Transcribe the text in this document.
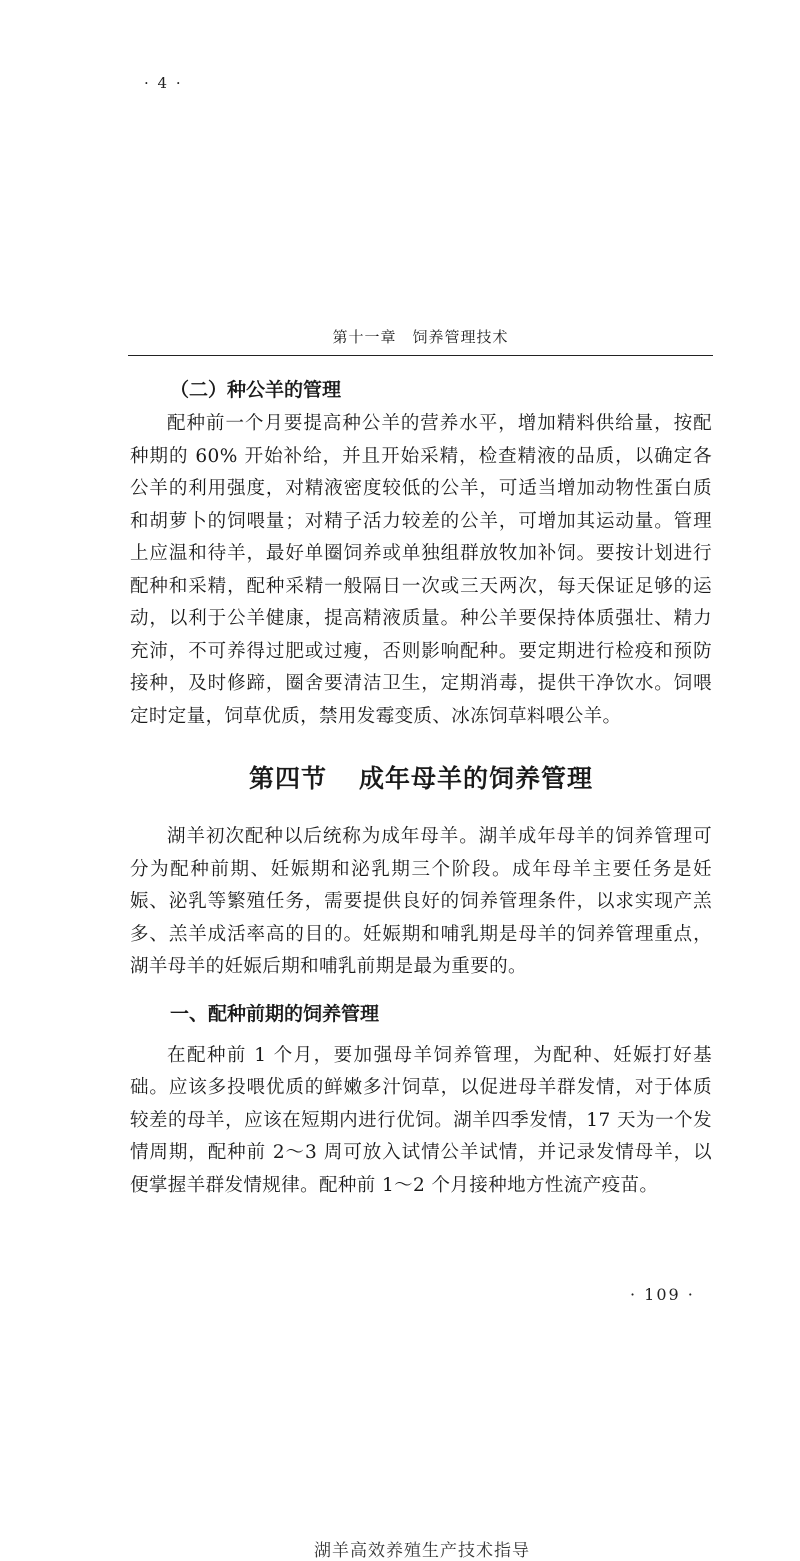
· 4 ·
第十一章　饲养管理技术

（二）种公羊的管理

配种前一个月要提高种公羊的营养水平，增加精料供给量，按配种期的 60% 开始补给，并且开始采精，检查精液的品质，以确定各公羊的利用强度，对精液密度较低的公羊，可适当增加动物性蛋白质和胡萝卜的饲喂量；对精子活力较差的公羊，可增加其运动量。管理上应温和待羊，最好单圈饲养或单独组群放牧加补饲。要按计划进行配种和采精，配种采精一般隔日一次或三天两次，每天保证足够的运动，以利于公羊健康，提高精液质量。种公羊要保持体质强壮、精力充沛，不可养得过肥或过瘦，否则影响配种。要定期进行检疫和预防接种，及时修蹄，圈舍要清洁卫生，定期消毒，提供干净饮水。饲喂定时定量，饲草优质，禁用发霉变质、冰冻饲草料喂公羊。

第四节 成年母羊的饲养管理

湖羊初次配种以后统称为成年母羊。湖羊成年母羊的饲养管理可分为配种前期、妊娠期和泌乳期三个阶段。成年母羊主要任务是妊娠、泌乳等繁殖任务，需要提供良好的饲养管理条件，以求实现产羔多、羔羊成活率高的目的。妊娠期和哺乳期是母羊的饲养管理重点，湖羊母羊的妊娠后期和哺乳前期是最为重要的。

一、配种前期的饲养管理

在配种前 1 个月，要加强母羊饲养管理，为配种、妊娠打好基础。应该多投喂优质的鲜嫩多汁饲草，以促进母羊群发情，对于体质较差的母羊，应该在短期内进行优饲。湖羊四季发情，17 天为一个发情周期，配种前 2～3 周可放入试情公羊试情，并记录发情母羊，以便掌握羊群发情规律。配种前 1～2 个月接种地方性流产疫苗。

· 109 ·
湖羊高效养殖生产技术指导
